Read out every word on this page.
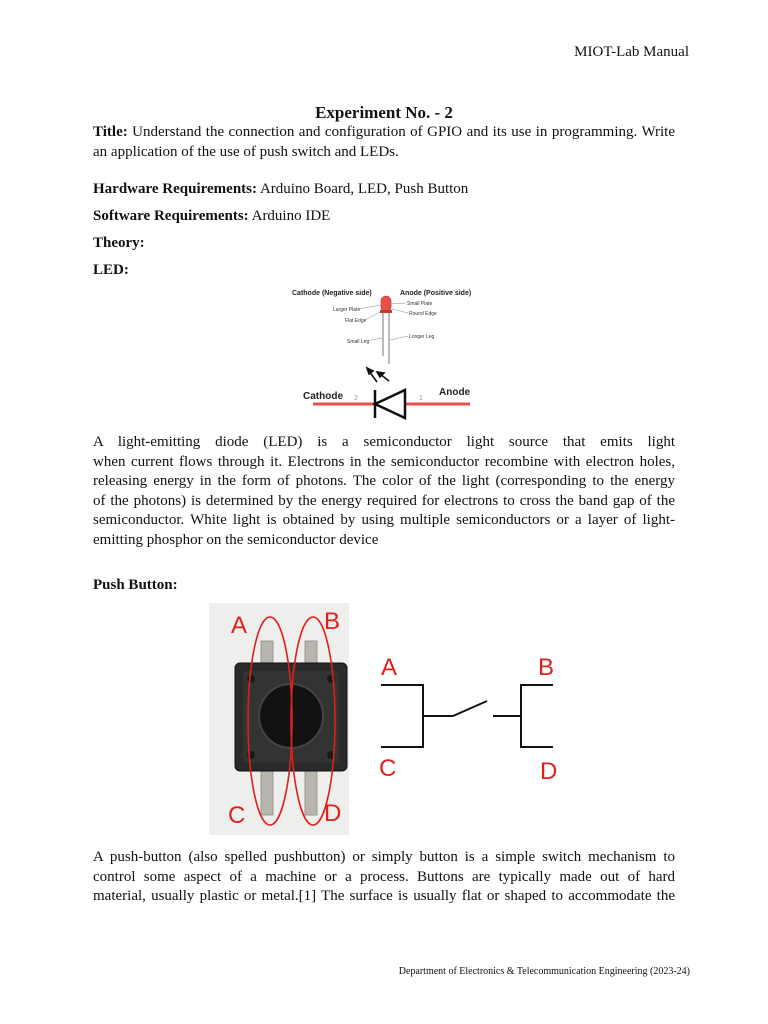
MIOT-Lab Manual
Experiment No. - 2
Title: Understand the connection and configuration of GPIO and its use in programming. Write an application of the use of push switch and LEDs.
Hardware Requirements: Arduino Board, LED, Push Button
Software Requirements: Arduino IDE
Theory:
LED:
Cathode (Negative side)	Anode (Positive side)
Larger Plate
Flat Edge
Small Leg
Small Plate
Round Edge
Longer Leg
Cathode	Anode
2	1
A light-emitting diode (LED) is a semiconductor light source that emits light
when current flows through it. Electrons in the semiconductor recombine with electron holes,
releasing energy in the form of photons. The color of the light (corresponding to the energy
of the photons) is determined by the energy required for electrons to cross the band gap of the
semiconductor. White light is obtained by using multiple semiconductors or a layer of light-
emitting phosphor on the semiconductor device
Push Button:
A	B
C	D
A	B
C	D
A push-button (also spelled pushbutton) or simply button is a simple switch mechanism to
control some aspect of a machine or a process. Buttons are typically made out of hard
material, usually plastic or metal.[1] The surface is usually flat or shaped to accommodate the
Department of Electronics & Telecommunication Engineering (2023-24)
